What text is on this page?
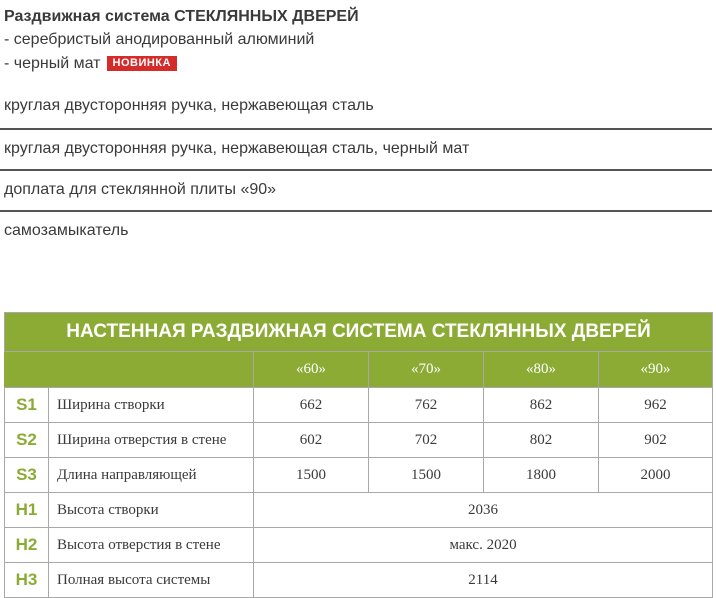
Раздвижная система СТЕКЛЯННЫХ ДВЕРЕЙ
- серебристый анодированный алюминий
- черный мат НОВИНКА
круглая двусторонняя ручка, нержавеющая сталь
круглая двусторонняя ручка, нержавеющая сталь, черный мат
доплата для стеклянной плиты «90»
самозамыкатель
НАСТЕННАЯ РАЗДВИЖНАЯ СИСТЕМА СТЕКЛЯННЫХ ДВЕРЕЙ					
		«60»	«70»	«80»	«90»
S1	Ширина створки	662	762	862	962
S2	Ширина отверстия в стене	602	702	802	902
S3	Длина направляющей	1500	1500	1800	2000
H1	Высота створки	2036			
H2	Высота отверстия в стене	макс. 2020			
H3	Полная высота системы	2114			
